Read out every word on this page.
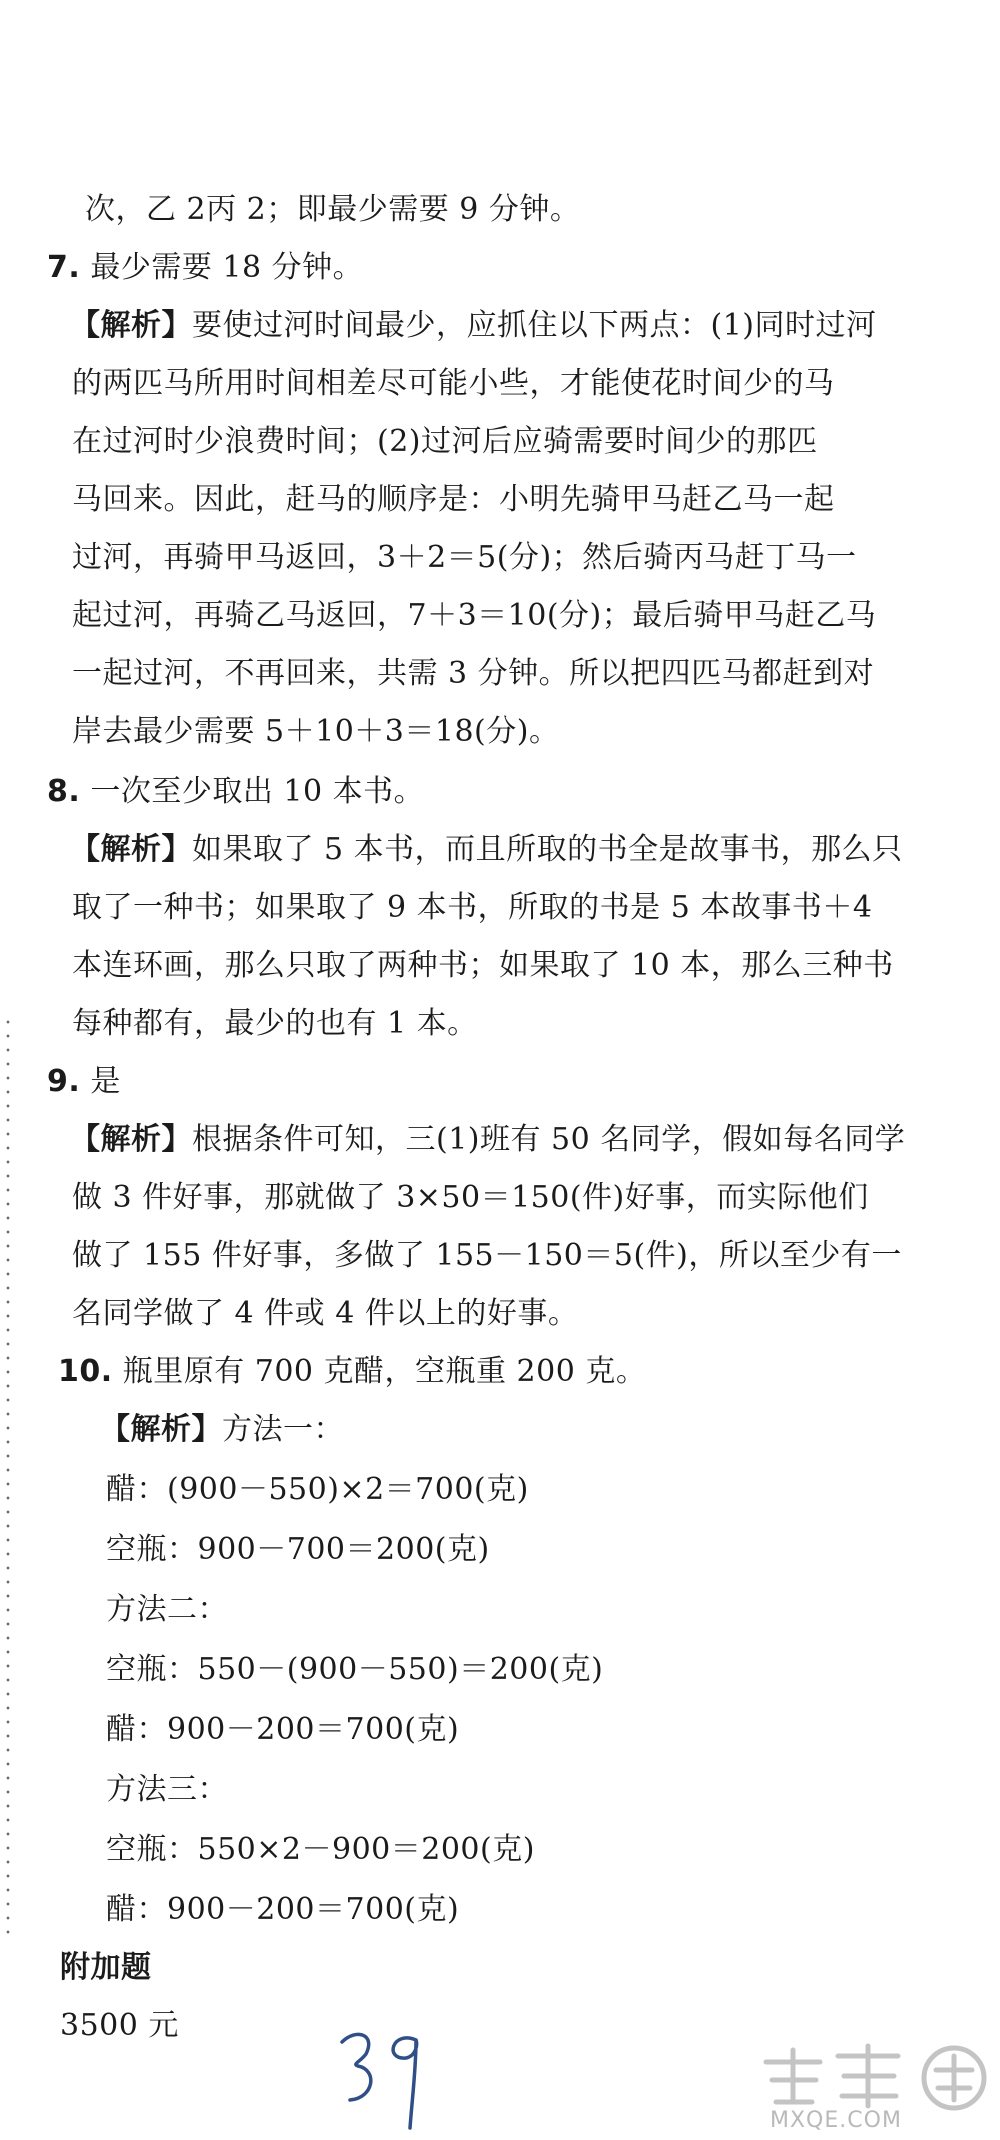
次，乙 2丙 2；即最少需要 9 分钟。
7. 最少需要 18 分钟。
【解析】要使过河时间最少，应抓住以下两点：(1)同时过河
的两匹马所用时间相差尽可能小些，才能使花时间少的马
在过河时少浪费时间；(2)过河后应骑需要时间少的那匹
马回来。因此，赶马的顺序是：小明先骑甲马赶乙马一起
过河，再骑甲马返回，3＋2＝5(分)；然后骑丙马赶丁马一
起过河，再骑乙马返回，7＋3＝10(分)；最后骑甲马赶乙马
一起过河，不再回来，共需 3 分钟。所以把四匹马都赶到对
岸去最少需要 5＋10＋3＝18(分)。
8. 一次至少取出 10 本书。
【解析】如果取了 5 本书，而且所取的书全是故事书，那么只
取了一种书；如果取了 9 本书，所取的书是 5 本故事书＋4
本连环画，那么只取了两种书；如果取了 10 本，那么三种书
每种都有，最少的也有 1 本。
9. 是
【解析】根据条件可知，三(1)班有 50 名同学，假如每名同学
做 3 件好事，那就做了 3×50＝150(件)好事，而实际他们
做了 155 件好事，多做了 155－150＝5(件)，所以至少有一
名同学做了 4 件或 4 件以上的好事。
10. 瓶里原有 700 克醋，空瓶重 200 克。
【解析】方法一：
醋：(900－550)×2＝700(克)
空瓶：900－700＝200(克)
方法二：
空瓶：550－(900－550)＝200(克)
醋：900－200＝700(克)
方法三：
空瓶：550×2－900＝200(克)
醋：900－200＝700(克)
附加题
3500 元
MXQE.COM
